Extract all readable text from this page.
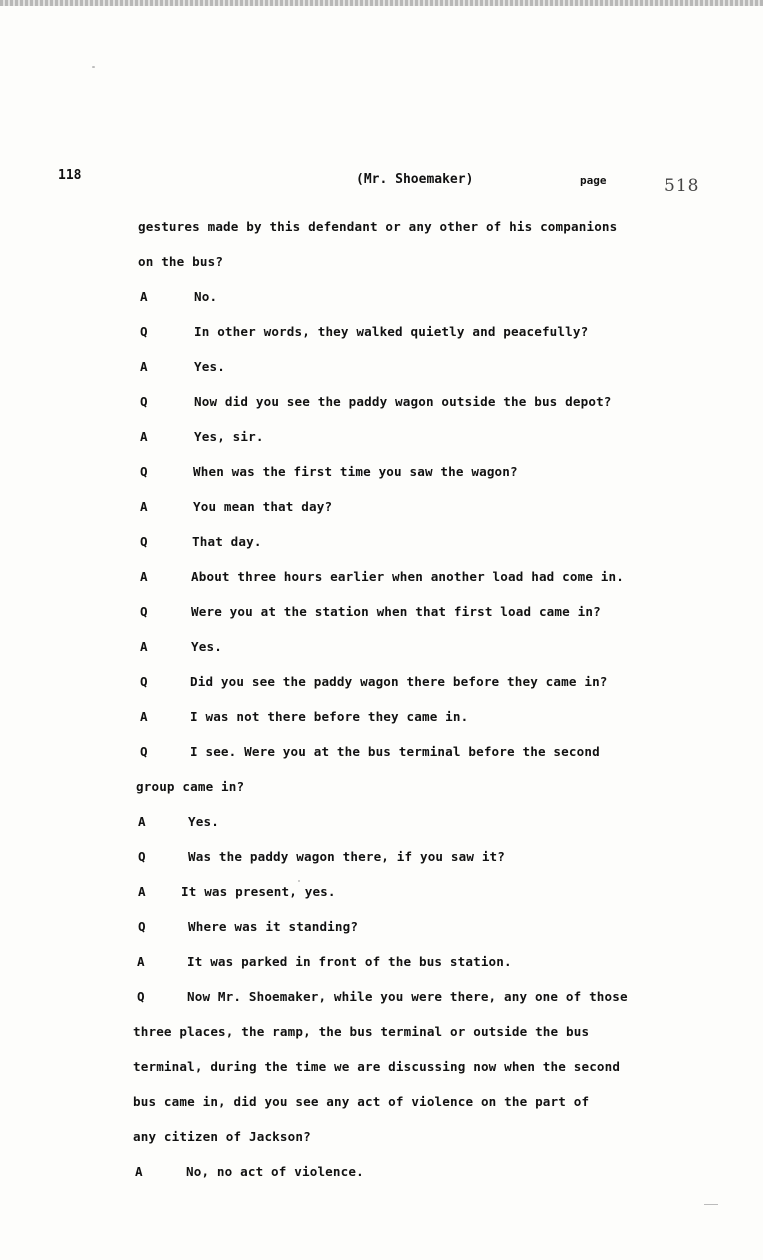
118	(Mr. Shoemaker)	page	518
gestures made by this defendant or any other of his companions
on the bus?
A	No.
Q	In other words, they walked quietly and peacefully?
A	Yes.
Q	Now did you see the paddy wagon outside the bus depot?
A	Yes, sir.
Q	When was the first time you saw the wagon?
A	You mean that day?
Q	That day.
A	About three hours earlier when another load had come in.
Q	Were you at the station when that first load came in?
A	Yes.
Q	Did you see the paddy wagon there before they came in?
A	I was not there before they came in.
Q	I see. Were you at the bus terminal before the second
group came in?
A	Yes.
Q	Was the paddy wagon there, if you saw it?
A	It was present, yes.
Q	Where was it standing?
A	It was parked in front of the bus station.
Q	Now Mr. Shoemaker, while you were there, any one of those
three places, the ramp, the bus terminal or outside the bus
terminal, during the time we are discussing now when the second
bus came in, did you see any act of violence on the part of
any citizen of Jackson?
A	No, no act of violence.
